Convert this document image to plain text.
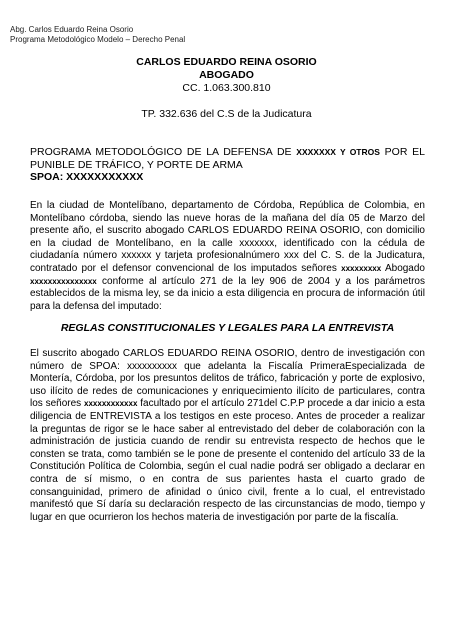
Abg. Carlos Eduardo Reina Osorio
Programa Metodológico Modelo – Derecho Penal
CARLOS EDUARDO REINA OSORIO
ABOGADO
CC. 1.063.300.810
TP. 332.636 del C.S de la Judicatura
PROGRAMA METODOLÓGICO DE LA DEFENSA DE XXXXXXX Y OTROS POR EL PUNIBLE DE TRÁFICO, Y PORTE DE ARMA
SPOA: XXXXXXXXXXX
En la ciudad de Montelíbano, departamento de Córdoba, República de Colombia, en Montelíbano córdoba, siendo las nueve horas de la mañana del día 05 de Marzo del presente año, el suscrito abogado CARLOS EDUARDO REINA OSORIO, con domicilio en la ciudad de Montelíbano, en la calle xxxxxxx, identificado con la cédula de ciudadanía número xxxxxx y tarjeta profesionalnúmero xxx del C. S. de la Judicatura, contratado por el defensor convencional de los imputados señores xxxxxxxxx Abogado xxxxxxxxxxxxxxx conforme al artículo 271 de la ley 906 de 2004 y a los parámetros establecidos de la misma ley, se da inicio a esta diligencia en procura de información útil para la defensa del imputado:
REGLAS CONSTITUCIONALES Y LEGALES PARA LA ENTREVISTA
El suscrito abogado CARLOS EDUARDO REINA OSORIO, dentro de investigación con número de SPOA: xxxxxxxxxx que adelanta la Fiscalía PrimeraEspecializada de Montería, Córdoba, por los presuntos delitos de tráfico, fabricación y porte de explosivo, uso ilícito de redes de comunicaciones y enriquecimiento ilícito de particulares, contra los señores xxxxxxxxxxxx facultado por el artículo 271del C.P.P procede a dar inicio a esta diligencia de ENTREVISTA a los testigos en este proceso. Antes de proceder a realizar la preguntas de rigor se le hace saber al entrevistado del deber de colaboración con la administración de justicia cuando de rendir su entrevista respecto de hechos que le consten se trata, como también se le pone de presente el contenido del artículo 33 de la Constitución Política de Colombia, según el cual nadie podrá ser obligado a declarar en contra de sí mismo, o en contra de sus parientes hasta el cuarto grado de consanguinidad, primero de afinidad o único civil, frente a lo cual, el entrevistado manifestó que Sí daría su declaración respecto de las circunstancias de modo, tiempo y lugar en que ocurrieron los hechos materia de investigación por parte de la fiscalía.
